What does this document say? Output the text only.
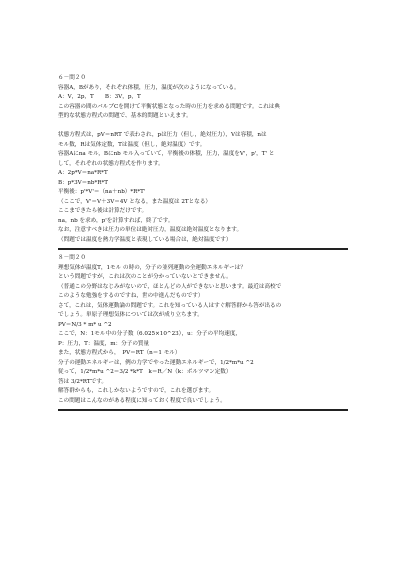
６－問２０
容器A，Bがあり，それぞれ体積，圧力，温度が次のようになっている。
A：V，2p，T　　B：3V，p，T
この容器の間のバルブCを開けて平衡状態となった時の圧力を求める問題です。これは典
型的な状態方程式の問題で、基本的問題といえます。
状態方程式は，pV＝nRT で表わされ，pは圧力（但し，絶対圧力），Vは容積，nは
モル数，Rは気体定数，Tは温度（但し，絶対温度）です。
容器Aにna モル，Bにnb モル入っていて，平衡後の体積，圧力，温度をV'，p'，T' と
して，それぞれの状態方程式を作ります。
A：2p*V＝na*R*T
B：p*3V＝nb*R*T
平衡後：p'*V'＝（na＋nb）*R*T'
（ここで，V'＝V＋3V＝4V となる，また温度は 2Tとなる）
ここまできたら後は計算だけです。
na，nb を求め，p'を計算すれば，終了です。
なお，注意すべきは圧力の単位は絶対圧力，温度は絶対温度となります。
（問題では温度を熱力学温度と表現している場合は，絶対温度です）
８－問２０
理想気体が温度T，1モル の時の，分子の並列運動の全運動エネルギーは？
という問題ですが，これは次のことが分かっていないとできません。
（普通この分野はなじみがないので，ほとんどの人ができないと思います。最近は高校で
このような勉強をするのですね，世の中進んだものです）
さて，これは，気体運動論の問題です。これを知っている人はすぐ解答群から答が出るの
でしょう。単原子理想気体については次が成り立ちます。
PV＝N/3 * m* u ^2
ここで，N：1モル中の分子数（6.025×10^23），u：分子の平均速度，
P：圧力，T：温度，m：分子の質量
また，状態方程式から，　PV＝RT（n＝1 モル）
分子の運動エネルギーは，例の力学でやった運動エネルギーで，1/2*m*u ^2
従って，1/2*m*u ^2＝3/2 *k*T　k＝R／N（k：ボルツマン定数）
答は 3/2*RTです。
解答群からも，これしかないようですので，これを選びます。
この問題はこんなのがある程度に知っておく程度で良いでしょう。
